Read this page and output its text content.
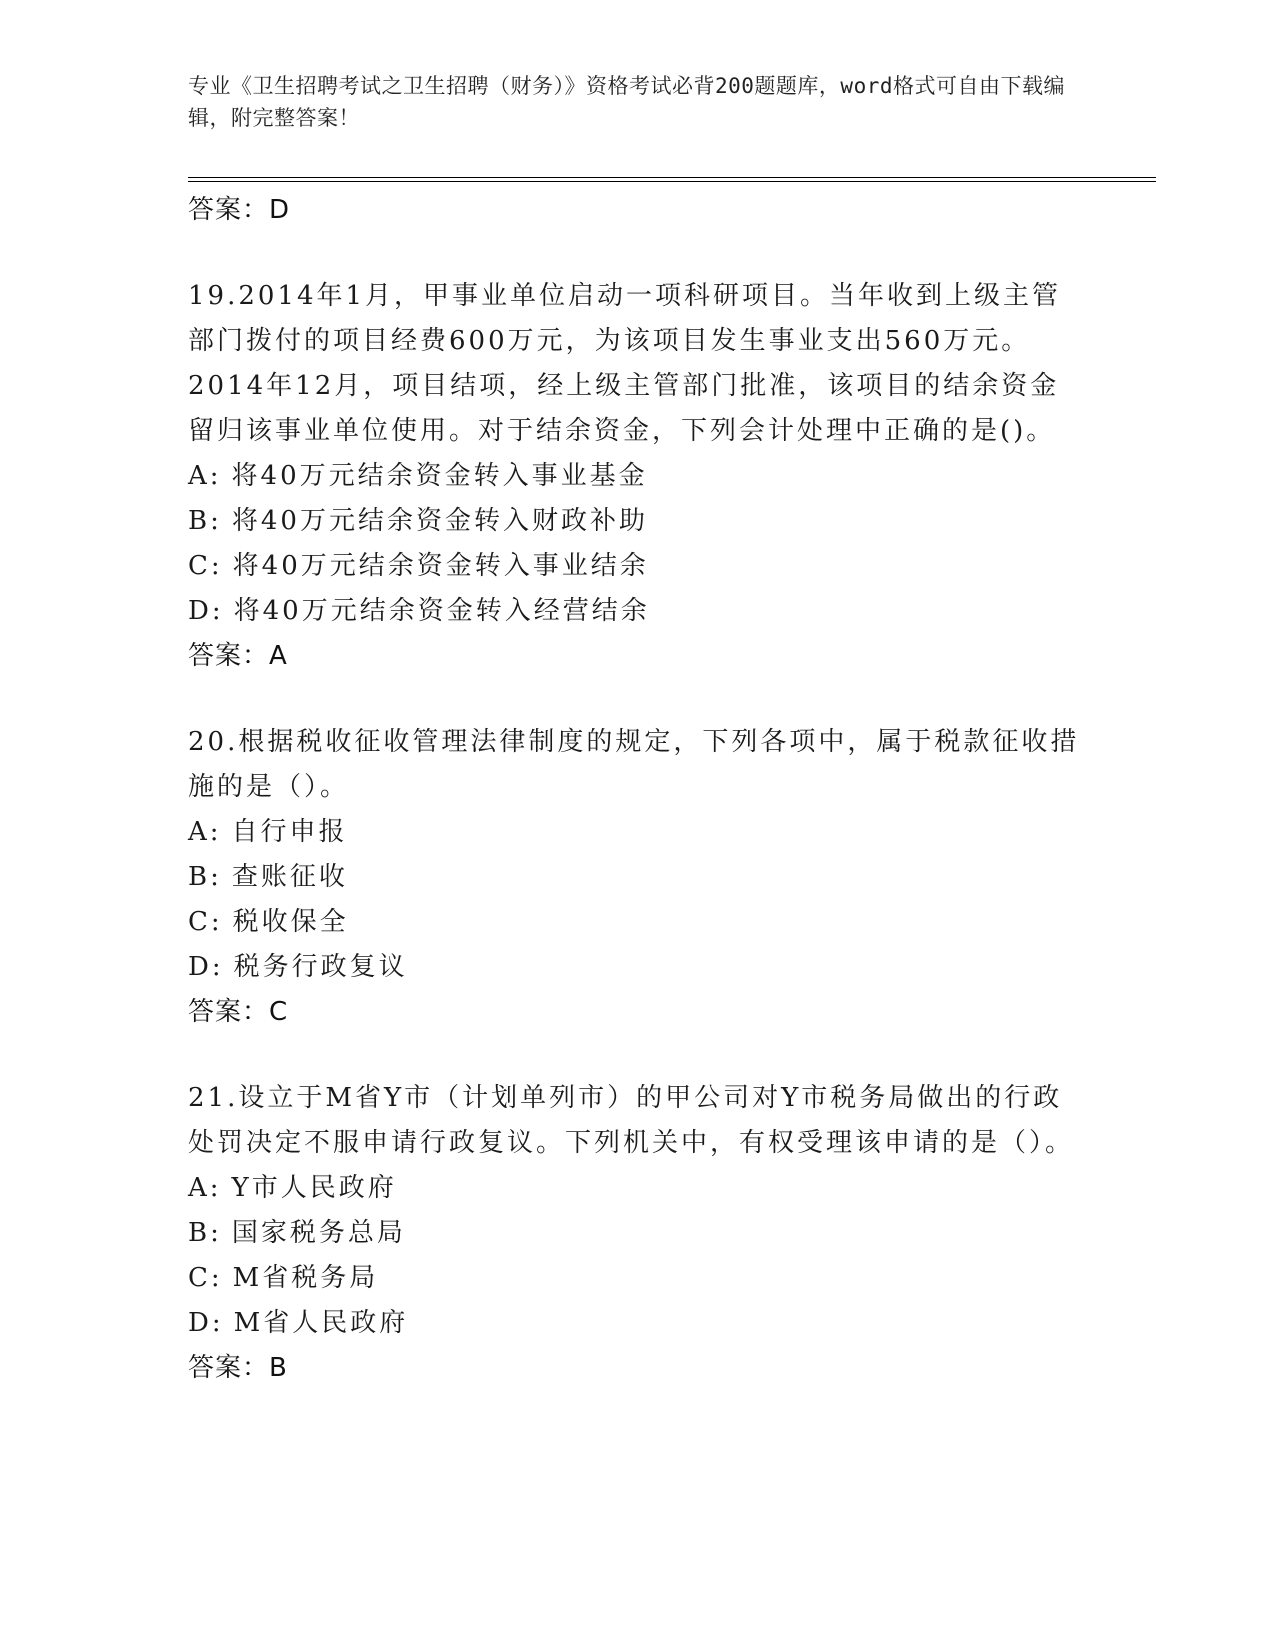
专业《卫生招聘考试之卫生招聘（财务）》资格考试必背200题题库，word格式可自由下载编辑，附完整答案！
答案：D
19.2014年1月，甲事业单位启动一项科研项目。当年收到上级主管部门拨付的项目经费600万元，为该项目发生事业支出560万元。2014年12月，项目结项，经上级主管部门批准，该项目的结余资金留归该事业单位使用。对于结余资金，下列会计处理中正确的是()。
A: 将40万元结余资金转入事业基金
B: 将40万元结余资金转入财政补助
C: 将40万元结余资金转入事业结余
D: 将40万元结余资金转入经营结余
答案：A
20.根据税收征收管理法律制度的规定，下列各项中，属于税款征收措施的是（）。
A: 自行申报
B: 查账征收
C: 税收保全
D: 税务行政复议
答案：C
21.设立于M省Y市（计划单列市）的甲公司对Y市税务局做出的行政处罚决定不服申请行政复议。下列机关中，有权受理该申请的是（）。
A: Y市人民政府
B: 国家税务总局
C: M省税务局
D: M省人民政府
答案：B
